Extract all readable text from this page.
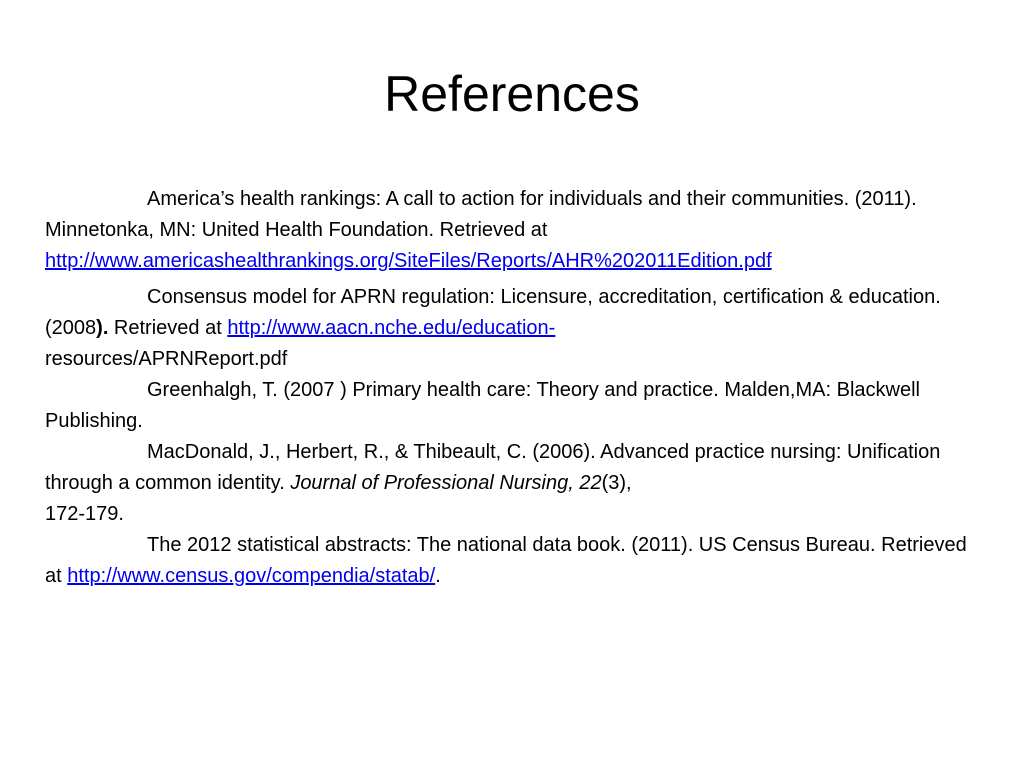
References

America’s health rankings: A call to action for individuals and their communities. (2011). Minnetonka, MN: United Health Foundation. Retrieved at http://www.americashealthrankings.org/SiteFiles/Reports/AHR%202011Edition.pdf

Consensus model for APRN regulation: Licensure, accreditation, certification & education. (2008). Retrieved at http://www.aacn.nche.edu/education-
resources/APRNReport.pdf

Greenhalgh, T. (2007 ) Primary health care: Theory and practice. Malden,MA: Blackwell Publishing.

MacDonald, J., Herbert, R., & Thibeault, C. (2006). Advanced practice nursing: Unification through a common identity. Journal of Professional Nursing, 22(3),
172-179.

The 2012 statistical abstracts: The national data book. (2011). US Census Bureau. Retrieved at http://www.census.gov/compendia/statab/.
